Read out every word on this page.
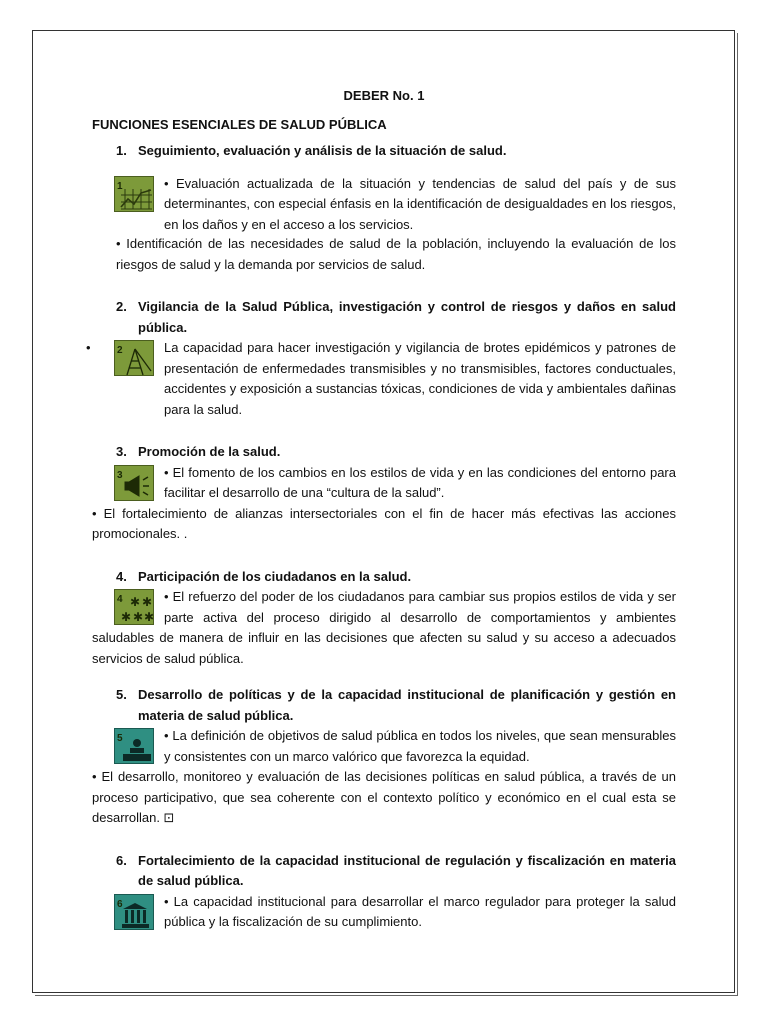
DEBER No. 1

FUNCIONES ESENCIALES DE SALUD PÚBLICA

1. Seguimiento, evaluación y análisis de la situación de salud.
1	• Evaluación actualizada de la situación y tendencias de salud del país y de sus determinantes, con especial énfasis en la identificación de desigualdades en los riesgos, en los daños y en el acceso a los servicios.

• Identificación de las necesidades de salud de la población, incluyendo la evaluación de los riesgos de salud y la demanda por servicios de salud.

2. Vigilancia de la Salud Pública, investigación y control de riesgos y daños en salud pública.
•	2	La capacidad para hacer investigación y vigilancia de brotes epidémicos y patrones de presentación de enfermedades transmisibles y no transmisibles, factores conductuales, accidentes y exposición a sustancias tóxicas, condiciones de vida y ambientales dañinas para la salud.

3. Promoción de la salud.
3	• El fomento de los cambios en los estilos de vida y en las condiciones del entorno para facilitar el desarrollo de una “cultura de la salud”.

• El fortalecimiento de alianzas intersectoriales con el fin de hacer más efectivas las acciones promocionales. .

4. Participación de los ciudadanos en la salud.
4 ✱ ✱
✱ ✱ ✱

• El refuerzo del poder de los ciudadanos para cambiar sus propios estilos de vida y ser parte activa del proceso dirigido al desarrollo de comportamientos y ambientes saludables de manera de influir en las decisiones que afecten su salud y su acceso a adecuados servicios de salud pública.

5. Desarrollo de políticas y de la capacidad institucional de planificación y gestión en materia de salud pública.
5	• La definición de objetivos de salud pública en todos los niveles, que sean mensurables y consistentes con un marco valórico que favorezca la equidad.

• El desarrollo, monitoreo y evaluación de las decisiones políticas en salud pública, a través de un proceso participativo, que sea coherente con el contexto político y económico en el cual esta se desarrollan. ⊡

6. Fortalecimiento de la capacidad institucional de regulación y fiscalización en materia de salud pública.
6	• La capacidad institucional para desarrollar el marco regulador para proteger la salud pública y la fiscalización de su cumplimiento.
